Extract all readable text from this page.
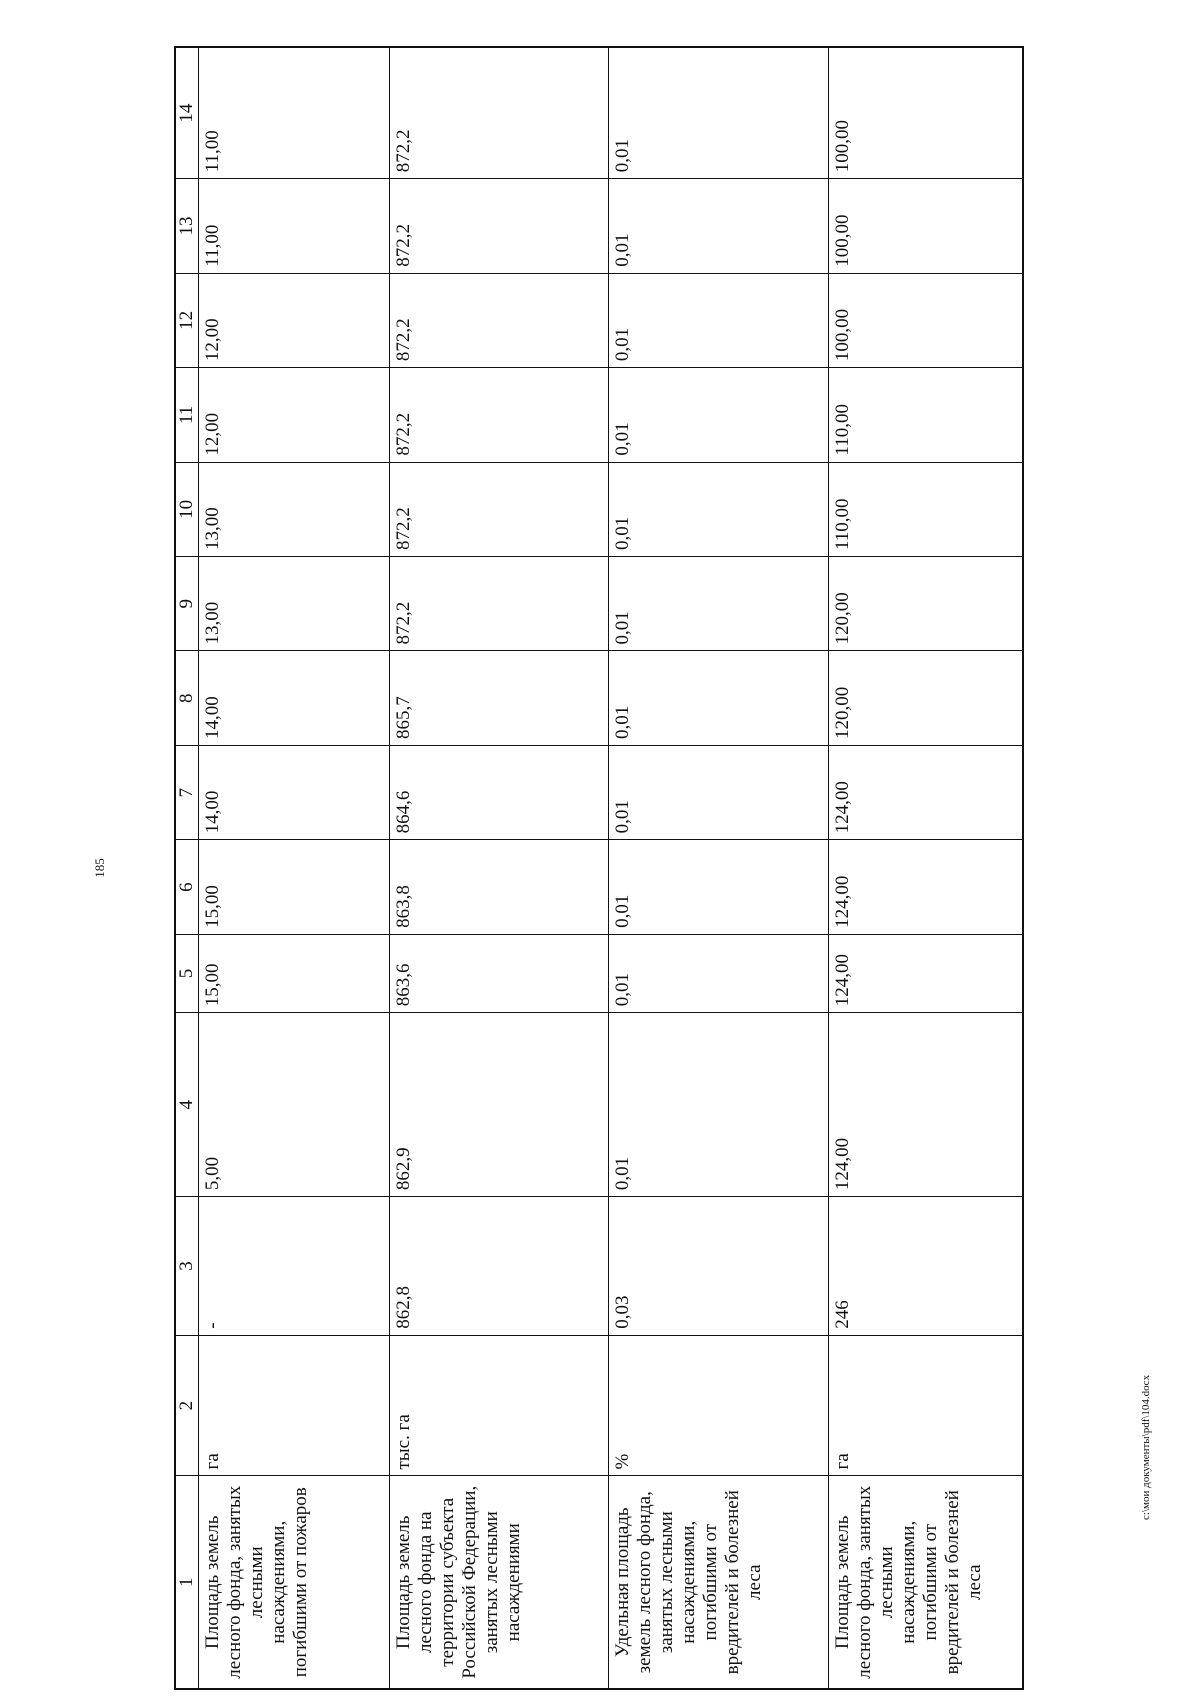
185
1	2	3	4	5	6	7	8	9	10	11	12	13	14
Площадь земель лесного фонда, занятых лесными насаждениями, погибшими от пожаров	га	-	5,00	15,00	15,00	14,00	14,00	13,00	13,00	12,00	12,00	11,00	11,00
Площадь земель лесного фонда на территории субъекта Российской Федерации, занятых лесными насаждениями	тыс. га	862,8	862,9	863,6	863,8	864,6	865,7	872,2	872,2	872,2	872,2	872,2	872,2
Удельная площадь земель лесного фонда, занятых лесными насаждениями, погибшими от вредителей и болезней леса	%	0,03	0,01	0,01	0,01	0,01	0,01	0,01	0,01	0,01	0,01	0,01	0,01
Площадь земель лесного фонда, занятых лесными насаждениями, погибшими от вредителей и болезней леса	га	246	124,00	124,00	124,00	124,00	120,00	120,00	110,00	110,00	100,00	100,00	100,00
c:\мои документы\pdf\104.docx
